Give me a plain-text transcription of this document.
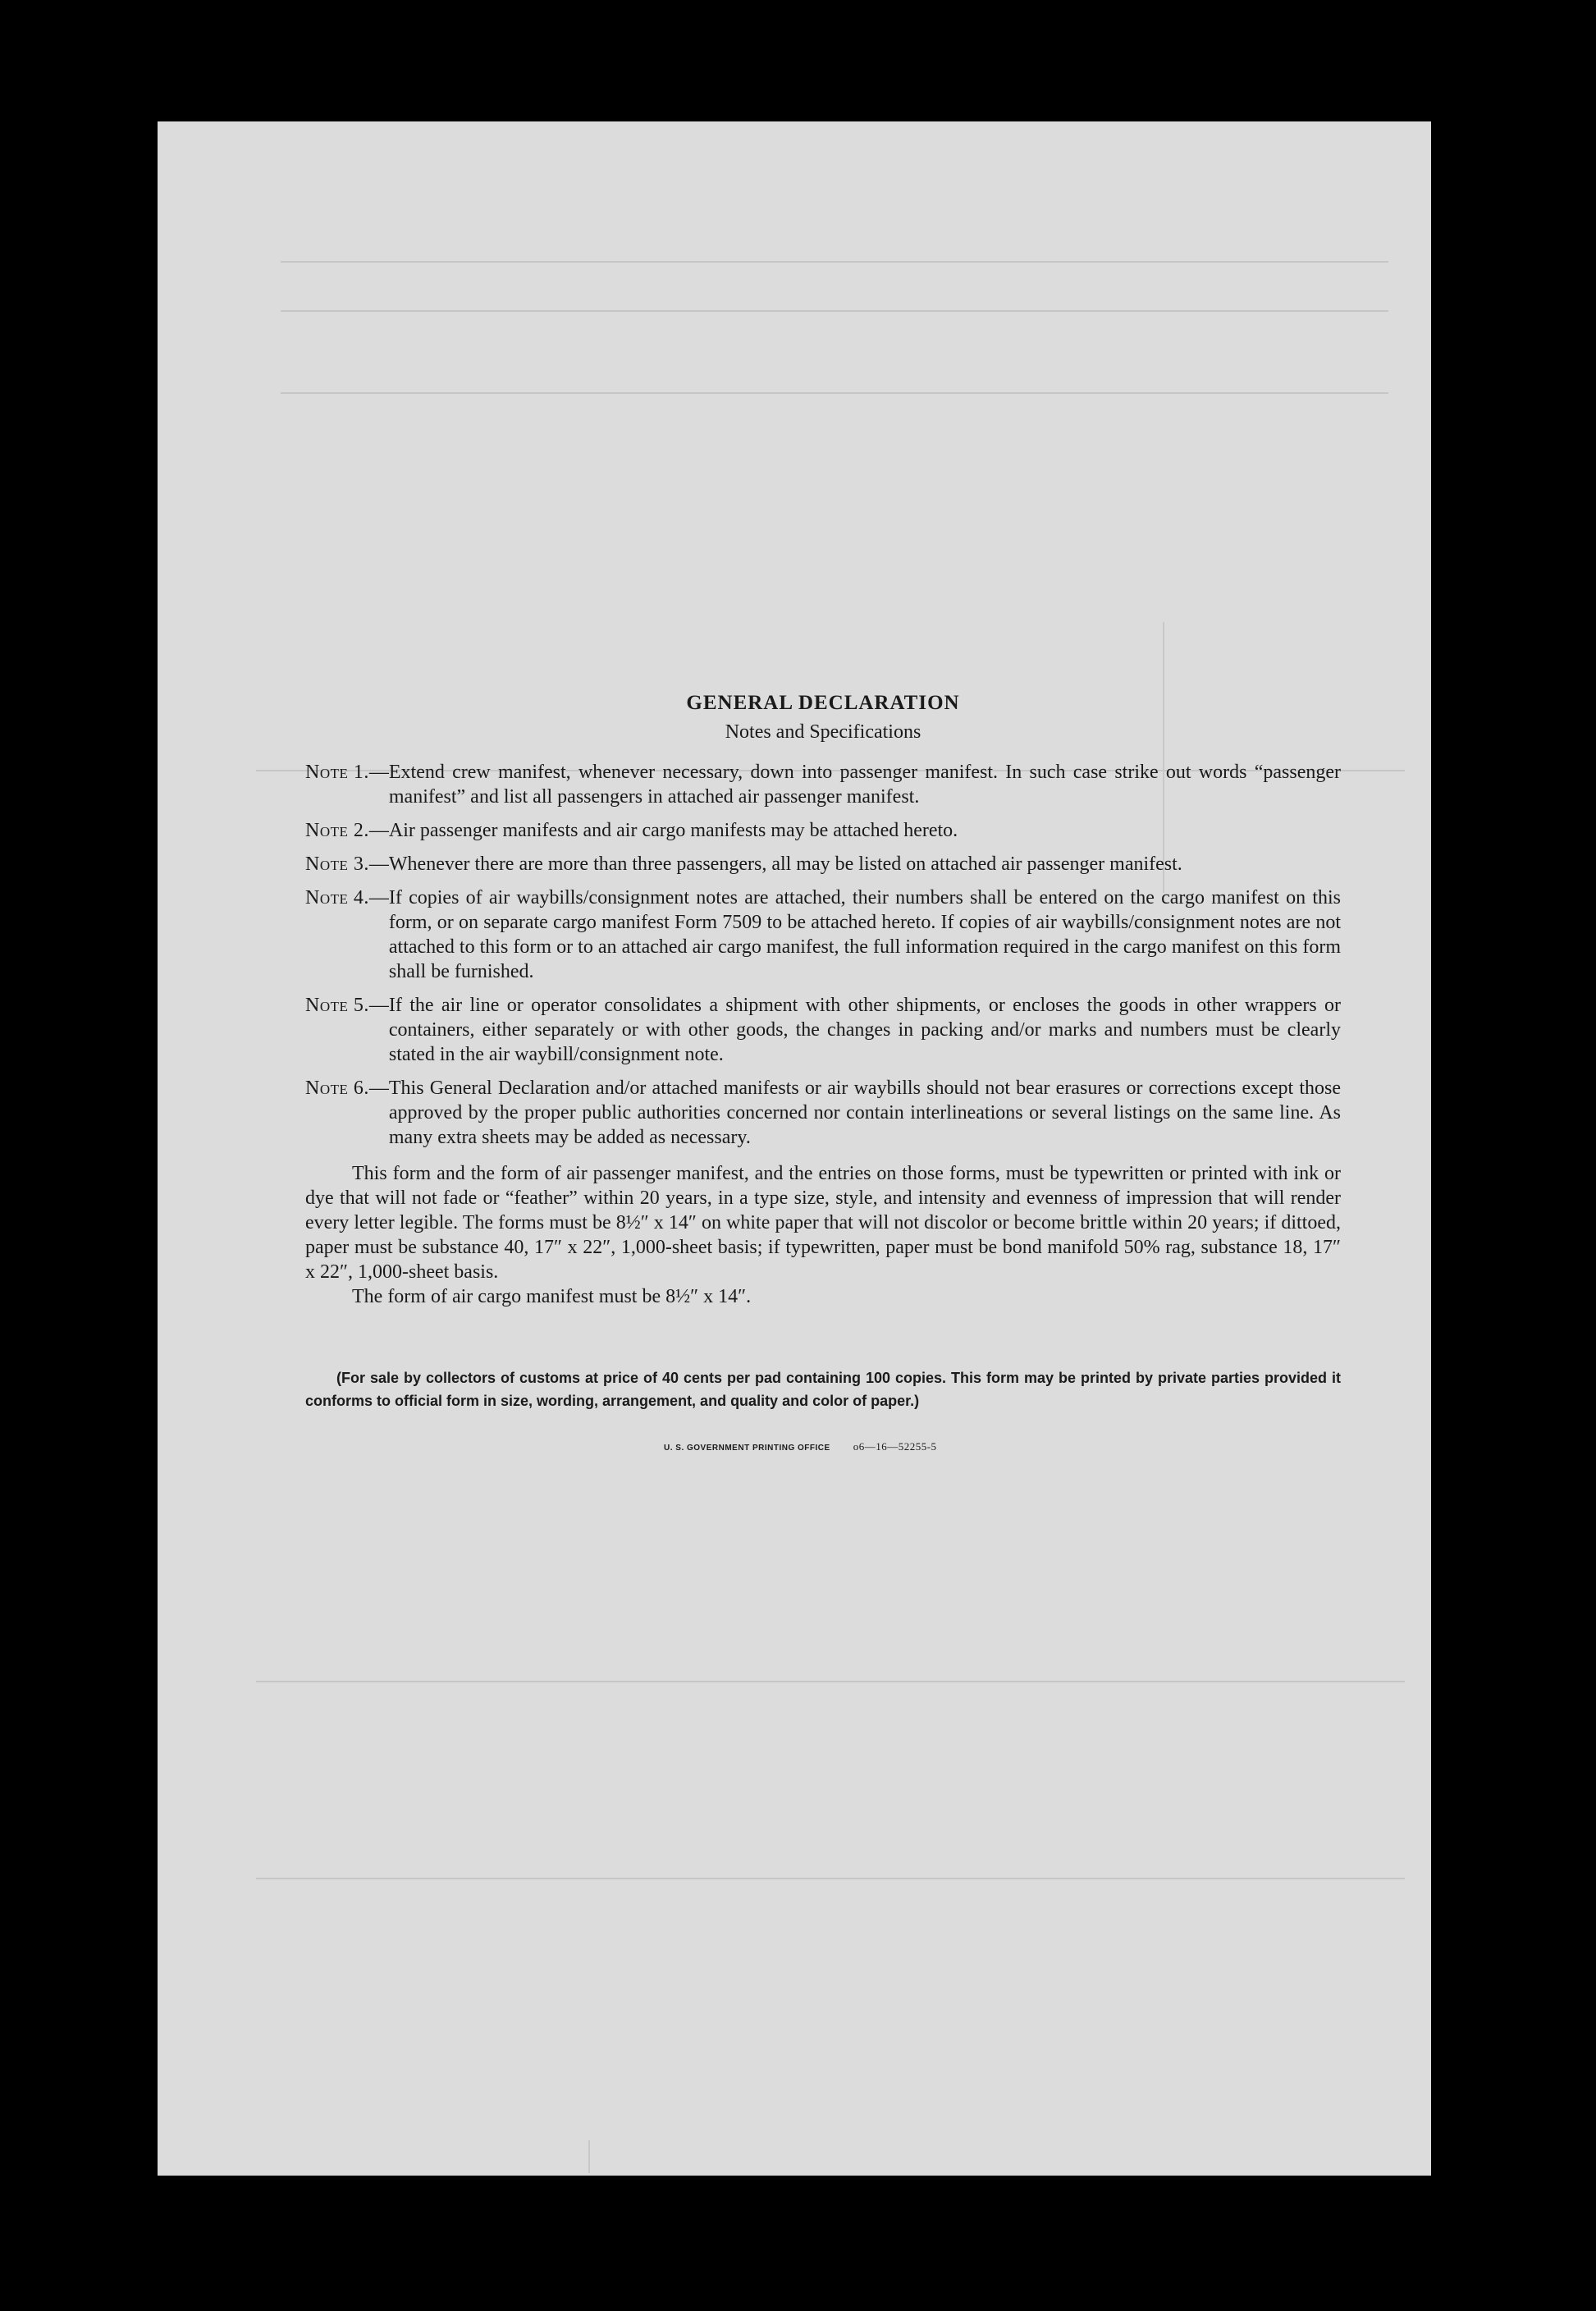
GENERAL DECLARATION
Notes and Specifications
Note 1. — Extend crew manifest, whenever necessary, down into passenger manifest. In such case strike out words “passenger manifest” and list all passengers in attached air passenger manifest.
Note 2. — Air passenger manifests and air cargo manifests may be attached hereto.
Note 3. — Whenever there are more than three passengers, all may be listed on attached air passenger manifest.
Note 4. — If copies of air waybills/consignment notes are attached, their numbers shall be entered on the cargo manifest on this form, or on separate cargo manifest Form 7509 to be attached hereto. If copies of air waybills/consignment notes are not attached to this form or to an attached air cargo manifest, the full information required in the cargo manifest on this form shall be furnished.
Note 5. — If the air line or operator consolidates a shipment with other shipments, or encloses the goods in other wrappers or containers, either separately or with other goods, the changes in packing and/or marks and numbers must be clearly stated in the air waybill/consignment note.
Note 6. — This General Declaration and/or attached manifests or air waybills should not bear erasures or corrections except those approved by the proper public authorities concerned nor contain interlineations or several listings on the same line. As many extra sheets may be added as necessary.

This form and the form of air passenger manifest, and the entries on those forms, must be typewritten or printed with ink or dye that will not fade or “feather” within 20 years, in a type size, style, and intensity and evenness of impression that will render every letter legible. The forms must be 8½″ x 14″ on white paper that will not discolor or become brittle within 20 years; if dittoed, paper must be substance 40, 17″ x 22″, 1,000-sheet basis; if typewritten, paper must be bond manifold 50% rag, substance 18, 17″ x 22″, 1,000-sheet basis.

The form of air cargo manifest must be 8½″ x 14″.

(For sale by collectors of customs at price of 40 cents per pad containing 100 copies. This form may be printed by private parties provided it conforms to official form in size, wording, arrangement, and quality and color of paper.)

U. S. GOVERNMENT PRINTING OFFICE o6—16—52255-5
